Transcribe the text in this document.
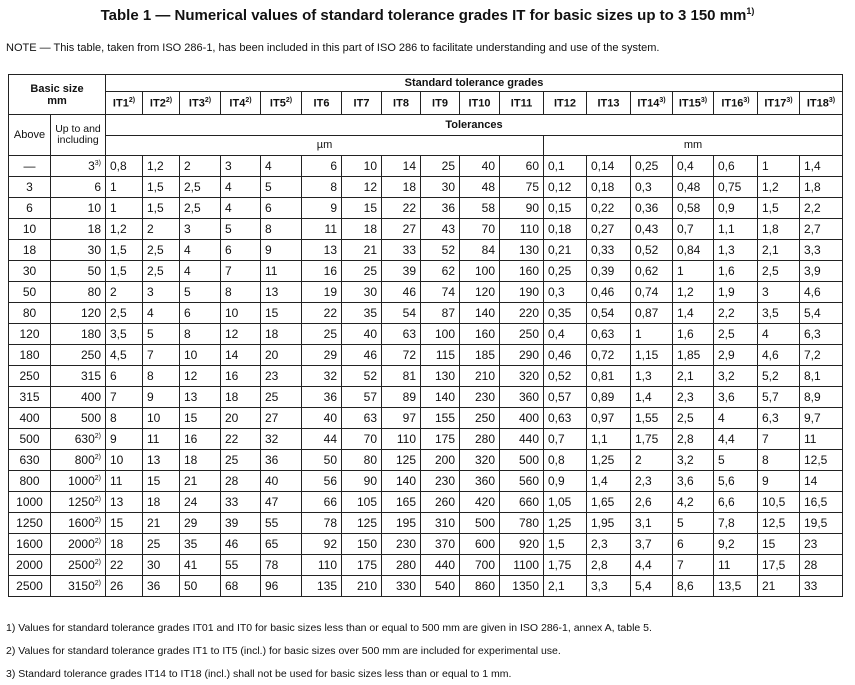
Table 1 — Numerical values of standard tolerance grades IT for basic sizes up to 3 150 $mm^{1)}$
NOTE — This table, taken from ISO 286-1, has been included in this part of ISO 286 to facilitate understanding and use of the system.
Basic size
mm		Standard tolerance grades																	
		IT1$^{2)}$	IT2$^{2)}$	IT3$^{2)}$	IT4$^{2)}$	IT5$^{2)}$	IT6	IT7	IT8	IT9	IT10	IT11	IT12	IT13	IT14$^{3)}$	IT15$^{3)}$	IT16$^{3)}$	IT17$^{3)}$	IT18$^{3)}$
Above	Up to and including	Tolerances																	
		µm											mm						
—	3$^{3)}$	0,8	1,2	2	3	4	6	10	14	25	40	60	0,1	0,14	0,25	0,4	0,6	1	1,4
3	6	1	1,5	2,5	4	5	8	12	18	30	48	75	0,12	0,18	0,3	0,48	0,75	1,2	1,8
6	10	1	1,5	2,5	4	6	9	15	22	36	58	90	0,15	0,22	0,36	0,58	0,9	1,5	2,2
10	18	1,2	2	3	5	8	11	18	27	43	70	110	0,18	0,27	0,43	0,7	1,1	1,8	2,7
18	30	1,5	2,5	4	6	9	13	21	33	52	84	130	0,21	0,33	0,52	0,84	1,3	2,1	3,3
30	50	1,5	2,5	4	7	11	16	25	39	62	100	160	0,25	0,39	0,62	1	1,6	2,5	3,9
50	80	2	3	5	8	13	19	30	46	74	120	190	0,3	0,46	0,74	1,2	1,9	3	4,6
80	120	2,5	4	6	10	15	22	35	54	87	140	220	0,35	0,54	0,87	1,4	2,2	3,5	5,4
120	180	3,5	5	8	12	18	25	40	63	100	160	250	0,4	0,63	1	1,6	2,5	4	6,3
180	250	4,5	7	10	14	20	29	46	72	115	185	290	0,46	0,72	1,15	1,85	2,9	4,6	7,2
250	315	6	8	12	16	23	32	52	81	130	210	320	0,52	0,81	1,3	2,1	3,2	5,2	8,1
315	400	7	9	13	18	25	36	57	89	140	230	360	0,57	0,89	1,4	2,3	3,6	5,7	8,9
400	500	8	10	15	20	27	40	63	97	155	250	400	0,63	0,97	1,55	2,5	4	6,3	9,7
500	630$^{2)}$	9	11	16	22	32	44	70	110	175	280	440	0,7	1,1	1,75	2,8	4,4	7	11
630	800$^{2)}$	10	13	18	25	36	50	80	125	200	320	500	0,8	1,25	2	3,2	5	8	12,5
800	1000$^{2)}$	11	15	21	28	40	56	90	140	230	360	560	0,9	1,4	2,3	3,6	5,6	9	14
1000	1250$^{2)}$	13	18	24	33	47	66	105	165	260	420	660	1,05	1,65	2,6	4,2	6,6	10,5	16,5
1250	1600$^{2)}$	15	21	29	39	55	78	125	195	310	500	780	1,25	1,95	3,1	5	7,8	12,5	19,5
1600	2000$^{2)}$	18	25	35	46	65	92	150	230	370	600	920	1,5	2,3	3,7	6	9,2	15	23
2000	2500$^{2)}$	22	30	41	55	78	110	175	280	440	700	1100	1,75	2,8	4,4	7	11	17,5	28
2500	3150$^{2)}$	26	36	50	68	96	135	210	330	540	860	1350	2,1	3,3	5,4	8,6	13,5	21	33
1) Values for standard tolerance grades IT01 and IT0 for basic sizes less than or equal to 500 mm are given in ISO 286-1, annex A, table 5.
2) Values for standard tolerance grades IT1 to IT5 (incl.) for basic sizes over 500 mm are included for experimental use.
3) Standard tolerance grades IT14 to IT18 (incl.) shall not be used for basic sizes less than or equal to 1 mm.
